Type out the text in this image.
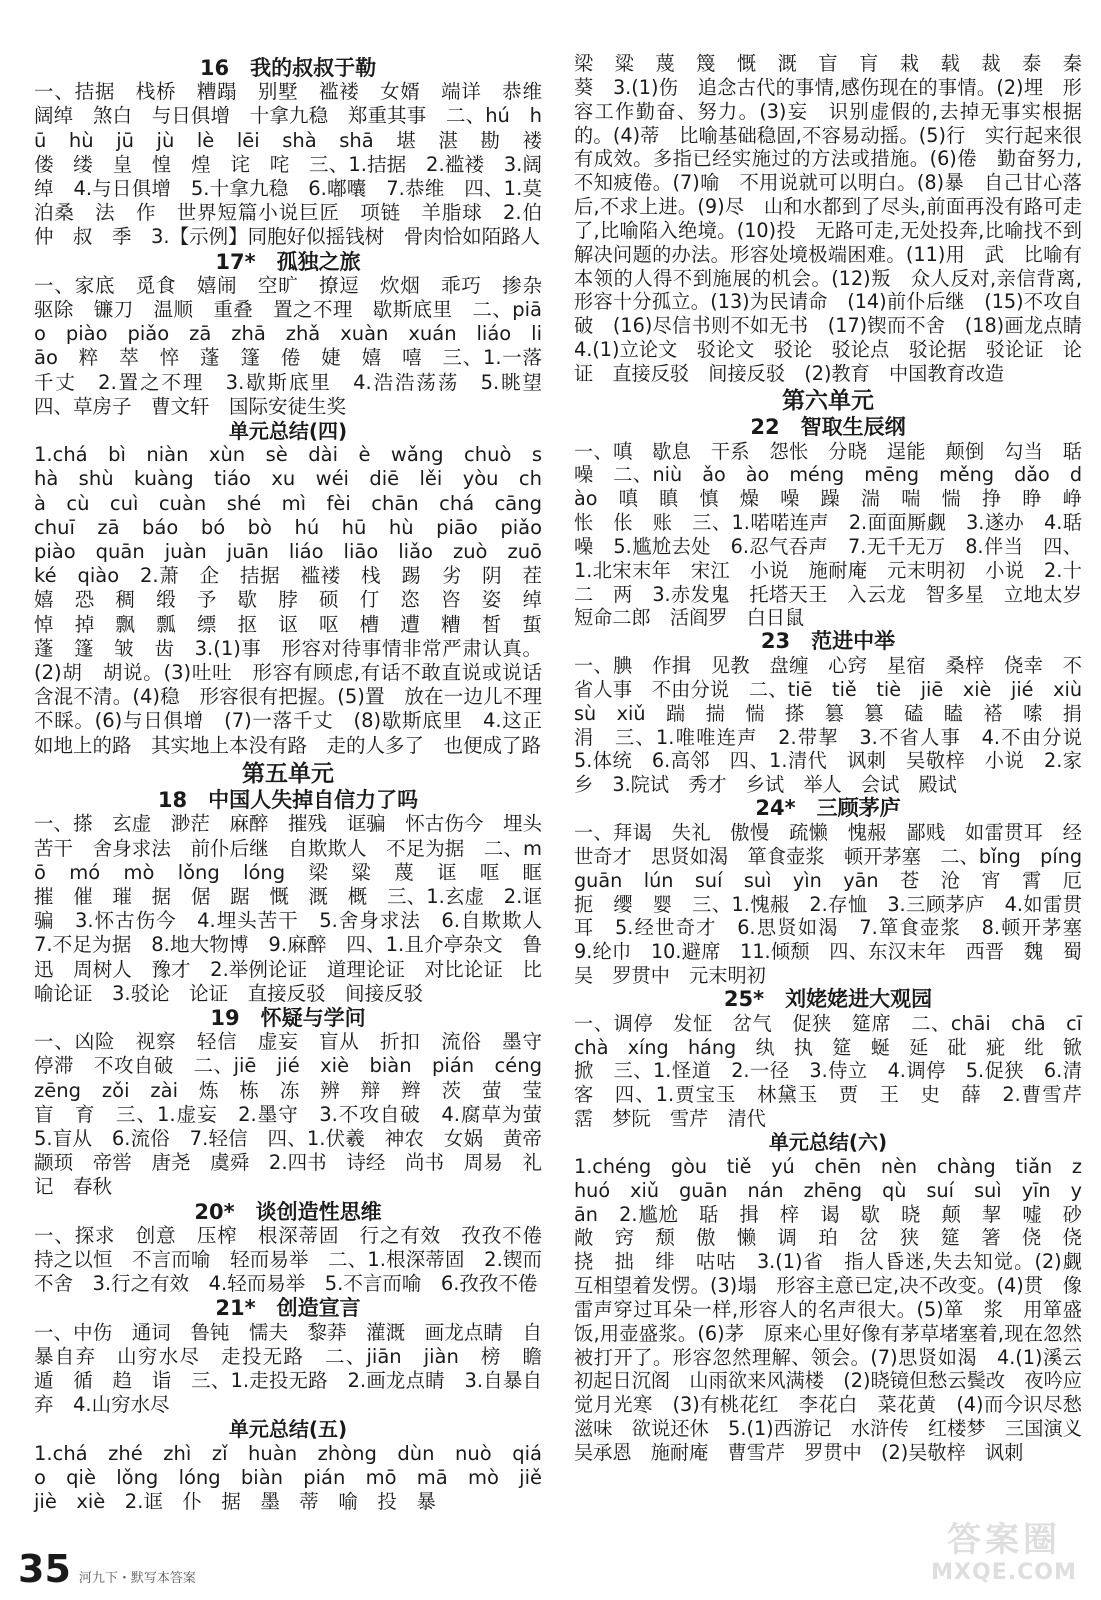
16　我的叔叔于勒
一、拮据　栈桥　糟蹋　别墅　褴褛　女婿　端详　恭维　阔绰　煞白　与日俱增　十拿九稳　郑重其事　二、hú　hū　hù　jū　jù　lè　lēi　shà　shā　堪　湛　勘　褛　偻　缕　皇　惶　煌　诧　咤　三、1.拮据　2.褴褛　3.阔绰　4.与日俱增　5.十拿九稳　6.嘟囔　7.恭维　四、1.莫泊桑　法　作　世界短篇小说巨匠　项链　羊脂球　2.伯　仲　叔　季　3.【示例】同胞好似摇钱树　骨肉恰如陌路人
17*　孤独之旅
一、家底　觅食　嬉闹　空旷　撩逗　炊烟　乖巧　掺杂　驱除　镰刀　温顺　重叠　置之不理　歇斯底里　二、piāo　piào　piǎo　zā　zhā　zhǎ　xuàn　xuán　liáo　liāo　粹　萃　悴　蓬　篷　倦　婕　嬉　嘻　三、1.一落千丈　2.置之不理　3.歇斯底里　4.浩浩荡荡　5.眺望　四、草房子　曹文轩　国际安徒生奖
单元总结(四)
1.chá　bì　niàn　xùn　sè　dài　è　wǎng　chuò　shà　shù　kuàng　tiáo　xu　wéi　diē　lěi　yòu　chà　cù　cuì　cuàn　shé　mì　fèi　chān　chá　cāng　chuī　zā　báo　bó　bò　hú　hū　hù　piāo　piǎo　piào　quān　juàn　juān　liáo　liāo　liǎo　zuò　zuō　ké　qiào　2.萧　企　拮据　褴褛　栈　踢　劣　阴　茬　嬉　恐　稠　缎　予　歇　脖　硕　仃　恣　咨　姿　绰　悼　掉　飘　瓢　缥　抠　讴　呕　槽　遭　糟　皙　蜇　蓬　篷　皱　齿　3.(1)事　形容对待事情非常严肃认真。(2)胡　胡说。(3)吐吐　形容有顾虑,有话不敢直说或说话含混不清。(4)稳　形容很有把握。(5)置　放在一边儿不理不睬。(6)与日俱增　(7)一落千丈　(8)歇斯底里　4.这正如地上的路　其实地上本没有路　走的人多了　也便成了路
第五单元
18　中国人失掉自信力了吗
一、搽　玄虚　渺茫　麻醉　摧残　诓骗　怀古伤今　埋头苦干　舍身求法　前仆后继　自欺欺人　不足为据　二、mō　mó　mò　lǒng　lóng　梁　粱　蔑　诓　哐　眶　摧　催　璀　据　倨　踞　慨　溉　概　三、1.玄虚　2.诓骗　3.怀古伤今　4.埋头苦干　5.舍身求法　6.自欺欺人　7.不足为据　8.地大物博　9.麻醉　四、1.且介亭杂文　鲁迅　周树人　豫才　2.举例论证　道理论证　对比论证　比喻论证　3.驳论　论证　直接反驳　间接反驳
19　怀疑与学问
一、凶险　视察　轻信　虚妄　盲从　折扣　流俗　墨守　停滞　不攻自破　二、jiē　jié　xiè　biàn　pián　céng　zēng　zǒi　zài　炼　栋　冻　辨　辩　辫　茨　萤　莹　盲　育　三、1.虚妄　2.墨守　3.不攻自破　4.腐草为萤　5.盲从　6.流俗　7.轻信　四、1.伏羲　神农　女娲　黄帝　颛顼　帝喾　唐尧　虞舜　2.四书　诗经　尚书　周易　礼记　春秋
20*　谈创造性思维
一、探求　创意　压榨　根深蒂固　行之有效　孜孜不倦　持之以恒　不言而喻　轻而易举　二、1.根深蒂固　2.锲而不舍　3.行之有效　4.轻而易举　5.不言而喻　6.孜孜不倦
21*　创造宣言
一、中伤　通词　鲁钝　懦夫　黎莽　灌溉　画龙点睛　自暴自弃　山穷水尽　走投无路　二、jiān　jiàn　榜　瞻　遁　循　趋　诣　三、1.走投无路　2.画龙点睛　3.自暴自弃　4.山穷水尽
单元总结(五)
1.chá　zhé　zhì　zǐ　huàn　zhòng　dùn　nuò　qiáo　qiè　lǒng　lóng　biàn　pián　mō　mā　mò　jiě　jiè　xiè　2.诓　仆　据　墨　蒂　喻　投　暴
梁　粱　蔑　篾　慨　溉　盲　肓　栽　载　裁　泰　秦　葵　3.(1)伤　追念古代的事情,感伤现在的事情。(2)埋　形容工作勤奋、努力。(3)妄　识别虚假的,去掉无事实根据的。(4)蒂　比喻基础稳固,不容易动摇。(5)行　实行起来很有成效。多指已经实施过的方法或措施。(6)倦　勤奋努力,不知疲倦。(7)喻　不用说就可以明白。(8)暴　自己甘心落后,不求上进。(9)尽　山和水都到了尽头,前面再没有路可走了,比喻陷入绝境。(10)投　无路可走,无处投奔,比喻找不到解决问题的办法。形容处境极端困难。(11)用　武　比喻有本领的人得不到施展的机会。(12)叛　众人反对,亲信背离,形容十分孤立。(13)为民请命　(14)前仆后继　(15)不攻自破　(16)尽信书则不如无书　(17)锲而不舍　(18)画龙点睛　4.(1)立论文　驳论文　驳论　驳论点　驳论据　驳论证　论证　直接反驳　间接反驳　(2)教育　中国教育改造
第六单元
22　智取生辰纲
一、嗔　歇息　干系　怨怅　分晓　逞能　颠倒　勾当　聒噪　二、niù　ǎo　ào　méng　mēng　měng　dǎo　dào　嗔　瞋　慎　燥　噪　躁　湍　喘　惴　挣　睁　峥　怅　伥　账　三、1.喏喏连声　2.面面厮觑　3.遂办　4.聒噪　5.尴尬去处　6.忍气吞声　7.无千无万　8.伴当　四、1.北宋末年　宋江　小说　施耐庵　元末明初　小说　2.十二　两　3.赤发鬼　托塔天王　入云龙　智多星　立地太岁　短命二郎　活阎罗　白日鼠
23　范进中举
一、腆　作揖　见教　盘缠　心窍　星宿　桑梓　侥幸　不省人事　不由分说　二、tiē　tiě　tiè　jiē　xiè　jié　xiù　sù　xiǔ　踹　揣　惴　搽　篡　篡　磕　瞌　褡　嗦　捐　涓　三、1.唯唯连声　2.带挈　3.不省人事　4.不由分说　5.体统　6.高邻　四、1.清代　讽刺　吴敬梓　小说　2.家乡　3.院试　秀才　乡试　举人　会试　殿试
24*　三顾茅庐
一、拜谒　失礼　傲慢　疏懒　愧赧　鄙贱　如雷贯耳　经世奇才　思贤如渴　箪食壶浆　顿开茅塞　二、bǐng　píng　guān　lún　suí　suì　yìn　yān　苍　沧　宵　霄　厄　扼　缨　婴　三、1.愧赧　2.存恤　3.三顾茅庐　4.如雷贯耳　5.经世奇才　6.思贤如渴　7.箪食壶浆　8.顿开茅塞　9.纶巾　10.避席　11.倾颓　四、东汉末年　西晋　魏　蜀　吴　罗贯中　元末明初
25*　刘姥姥进大观园
一、调停　发怔　岔气　促狭　筵席　二、chāi　chā　cī　chà　xíng　háng　纨　执　筵　蜒　延　砒　疵　纰　锨　掀　三、1.怪道　2.一径　3.侍立　4.调停　5.促狭　6.清客　四、1.贾宝玉　林黛玉　贾　王　史　薛　2.曹雪芹　霑　梦阮　雪芹　清代
单元总结(六)
1.chéng　gòu　tiě　yú　chēn　nèn　chàng　tiǎn　zhuó　xiǔ　guān　nán　zhēng　qù　suí　suì　yīn　yān　2.尴尬　聒　揖　梓　谒　歇　晓　颠　挈　嘘　砂　敞　窍　颓　傲　懒　调　珀　岔　狭　筵　箸　侥　侥　挠　拙　绯　咕咕　3.(1)省　指人昏迷,失去知觉。(2)觑　互相望着发愣。(3)塌　形容主意已定,决不改变。(4)贯　像雷声穿过耳朵一样,形容人的名声很大。(5)箪　浆　用箪盛饭,用壶盛浆。(6)茅　原来心里好像有茅草堵塞着,现在忽然被打开了。形容忽然理解、领会。(7)思贤如渴　4.(1)溪云初起日沉阁　山雨欲来风满楼　(2)晓镜但愁云鬓改　夜吟应觉月光寒　(3)有桃花红　李花白　菜花黄　(4)而今识尽愁滋味　欲说还休　5.(1)西游记　水浒传　红楼梦　三国演义　吴承恩　施耐庵　曹雪芹　罗贯中　(2)吴敬梓　讽刺
35 河九下・默写本答案
答案圈
MXQE.COM
